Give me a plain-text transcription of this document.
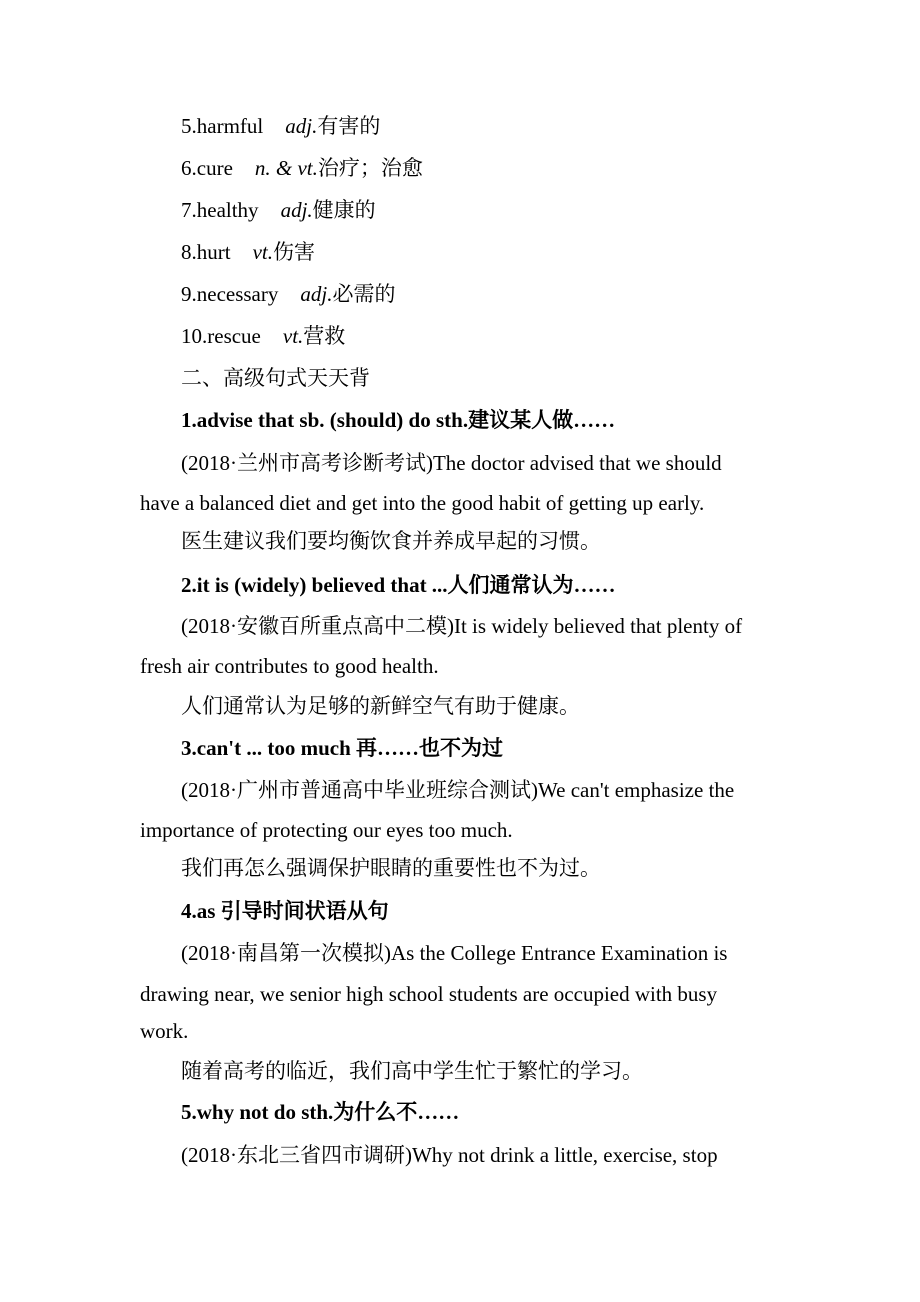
5.harmful adj.有害的
6.cure n. & vt.治疗；治愈
7.healthy adj.健康的
8.hurt vt.伤害
9.necessary adj.必需的
10.rescue vt.营救
二、高级句式天天背
1.advise that sb. (should) do sth.建议某人做……
(2018·兰州市高考诊断考试)The doctor advised that we should
have a balanced diet and get into the good habit of getting up early.
医生建议我们要均衡饮食并养成早起的习惯。
2.it is (widely) believed that ...人们通常认为……
(2018·安徽百所重点高中二模)It is widely believed that plenty of
fresh air contributes to good health.
人们通常认为足够的新鲜空气有助于健康。
3.can't ... too much 再……也不为过
(2018·广州市普通高中毕业班综合测试)We can't emphasize the
importance of protecting our eyes too much.
我们再怎么强调保护眼睛的重要性也不为过。
4.as 引导时间状语从句
(2018·南昌第一次模拟)As the College Entrance Examination is
drawing near, we senior high school students are occupied with busy
work.
随着高考的临近，我们高中学生忙于繁忙的学习。
5.why not do sth.为什么不……
(2018·东北三省四市调研)Why not drink a little, exercise, stop
